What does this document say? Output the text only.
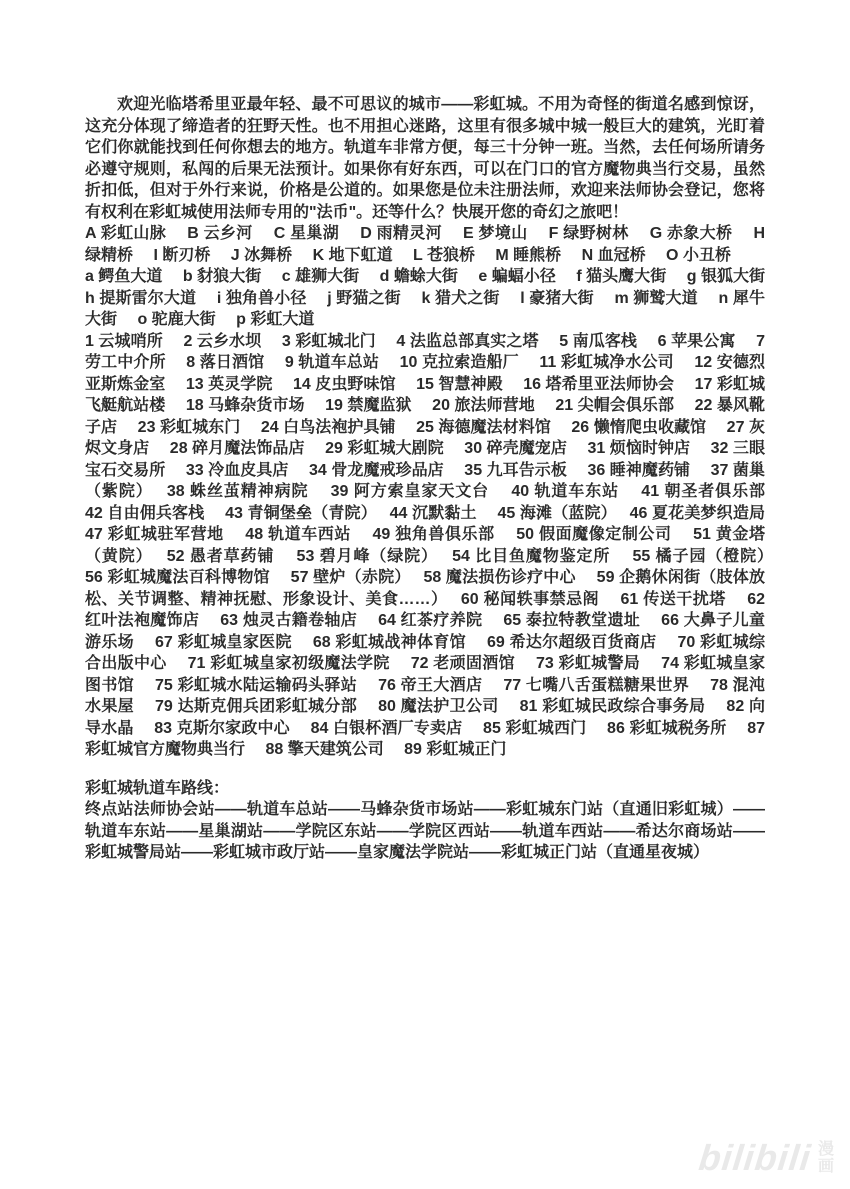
欢迎光临塔希里亚最年轻、最不可思议的城市——彩虹城。不用为奇怪的街道名感到惊讶，这充分体现了缔造者的狂野天性。也不用担心迷路，这里有很多城中城一般巨大的建筑，光盯着它们你就能找到任何你想去的地方。轨道车非常方便，每三十分钟一班。当然，去任何场所请务必遵守规则，私闯的后果无法预计。如果你有好东西，可以在门口的官方魔物典当行交易，虽然折扣低，但对于外行来说，价格是公道的。如果您是位未注册法师，欢迎来法师协会登记，您将有权利在彩虹城使用法师专用的"法币"。还等什么？快展开您的奇幻之旅吧！

A 彩虹山脉　 B 云乡河　 C 星巢湖　 D 雨精灵河　 E 梦境山　 F 绿野树林　 G 赤象大桥　 H 绿精桥　 I 断刃桥　 J 冰舞桥　 K 地下虹道　 L 苍狼桥　 M 睡熊桥　 N 血冠桥　 O 小丑桥

a 鳄鱼大道　 b 豺狼大街　 c 雄狮大街　 d 蟾蜍大街　 e 蝙蝠小径　 f 猫头鹰大街　 g 银狐大街　 h 提斯雷尔大道　 i 独角兽小径　 j 野猫之街　 k 猎犬之街　 l 豪猪大街　 m 狮鹫大道　 n 犀牛大街　 o 驼鹿大街　 p 彩虹大道

1 云城哨所　 2 云乡水坝　 3 彩虹城北门　 4 法监总部真实之塔　 5 南瓜客栈　 6 苹果公寓　 7 劳工中介所　 8 落日酒馆　 9 轨道车总站　 10 克拉索造船厂　 11 彩虹城净水公司　 12 安德烈亚斯炼金室　 13 英灵学院　 14 皮虫野味馆　 15 智慧神殿　 16 塔希里亚法师协会　 17 彩虹城飞艇航站楼　 18 马蜂杂货市场　 19 禁魔监狱　 20 旅法师营地　 21 尖帽会俱乐部　 22 暴风靴子店　 23 彩虹城东门　 24 白鸟法袍护具铺　 25 海德魔法材料馆　 26 懒惰爬虫收藏馆　 27 灰烬文身店　 28 碎月魔法饰品店　 29 彩虹城大剧院　 30 碎壳魔宠店　 31 烦恼时钟店　 32 三眼宝石交易所　 33 冷血皮具店　 34 骨龙魔戒珍品店　 35 九耳告示板　 36 睡神魔药铺　 37 菌巢（紫院）　 38 蛛丝茧精神病院　 39 阿方索皇家天文台　 40 轨道车东站　 41 朝圣者俱乐部　 42 自由佣兵客栈　 43 青铜堡垒（青院）　 44 沉默黏土　 45 海滩（蓝院）　 46 夏花美梦织造局　 47 彩虹城驻军营地　 48 轨道车西站　 49 独角兽俱乐部　 50 假面魔像定制公司　 51 黄金塔（黄院）　 52 愚者草药铺　 53 碧月峰（绿院）　 54 比目鱼魔物鉴定所　 55 橘子园（橙院）　 56 彩虹城魔法百科博物馆　 57 壁炉（赤院）　 58 魔法损伤诊疗中心　 59 企鹅休闲街（肢体放松、关节调整、精神抚慰、形象设计、美食……）　 60 秘闻轶事禁忌阁　 61 传送干扰塔　 62 红叶法袍魔饰店　 63 烛灵古籍卷轴店　 64 红茶疗养院　 65 泰拉特教堂遗址　 66 大鼻子儿童游乐场　 67 彩虹城皇家医院　 68 彩虹城战神体育馆　 69 希达尔超级百货商店　 70 彩虹城综合出版中心　 71 彩虹城皇家初级魔法学院　 72 老顽固酒馆　 73 彩虹城警局　 74 彩虹城皇家图书馆　 75 彩虹城水陆运输码头驿站　 76 帝王大酒店　 77 七嘴八舌蛋糕糖果世界　 78 混沌水果屋　 79 达斯克佣兵团彩虹城分部　 80 魔法护卫公司　 81 彩虹城民政综合事务局　 82 向导水晶　 83 克斯尔家政中心　 84 白银杯酒厂专卖店　 85 彩虹城西门　 86 彩虹城税务所　 87 彩虹城官方魔物典当行　 88 擎天建筑公司　 89 彩虹城正门

彩虹城轨道车路线：

终点站法师协会站——轨道车总站——马蜂杂货市场站——彩虹城东门站（直通旧彩虹城）——轨道车东站——星巢湖站——学院区东站——学院区西站——轨道车西站——希达尔商场站——彩虹城警局站——彩虹城市政厅站——皇家魔法学院站——彩虹城正门站（直通星夜城）

bilibili 漫
画
